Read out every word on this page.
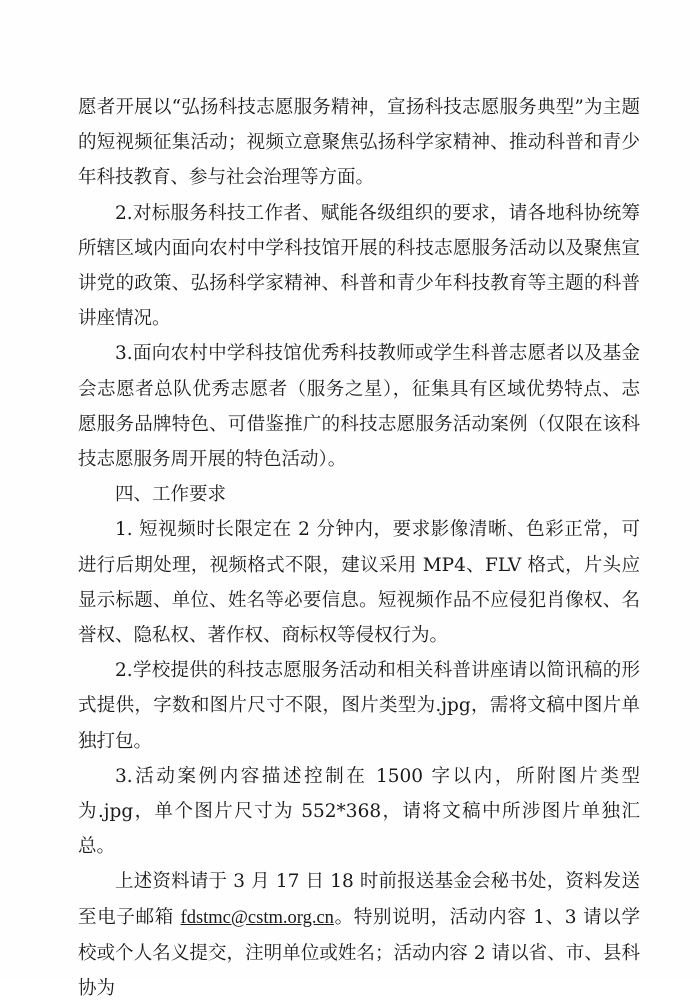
愿者开展以“弘扬科技志愿服务精神，宣扬科技志愿服务典型”为主题的短视频征集活动；视频立意聚焦弘扬科学家精神、推动科普和青少年科技教育、参与社会治理等方面。

2.对标服务科技工作者、赋能各级组织的要求，请各地科协统筹所辖区域内面向农村中学科技馆开展的科技志愿服务活动以及聚焦宣讲党的政策、弘扬科学家精神、科普和青少年科技教育等主题的科普讲座情况。

3.面向农村中学科技馆优秀科技教师或学生科普志愿者以及基金会志愿者总队优秀志愿者（服务之星），征集具有区域优势特点、志愿服务品牌特色、可借鉴推广的科技志愿服务活动案例（仅限在该科技志愿服务周开展的特色活动）。

四、工作要求

1. 短视频时长限定在 2 分钟内，要求影像清晰、色彩正常，可进行后期处理，视频格式不限，建议采用 MP4、FLV 格式，片头应显示标题、单位、姓名等必要信息。短视频作品不应侵犯肖像权、名誉权、隐私权、著作权、商标权等侵权行为。

2.学校提供的科技志愿服务活动和相关科普讲座请以简讯稿的形式提供，字数和图片尺寸不限，图片类型为.jpg，需将文稿中图片单独打包。

3.活动案例内容描述控制在 1500 字以内，所附图片类型为.jpg，单个图片尺寸为 552*368，请将文稿中所涉图片单独汇总。

上述资料请于 3 月 17 日 18 时前报送基金会秘书处，资料发送至电子邮箱 fdstmc@cstm.org.cn。特别说明，活动内容 1、3 请以学校或个人名义提交，注明单位或姓名；活动内容 2 请以省、市、县科协为
